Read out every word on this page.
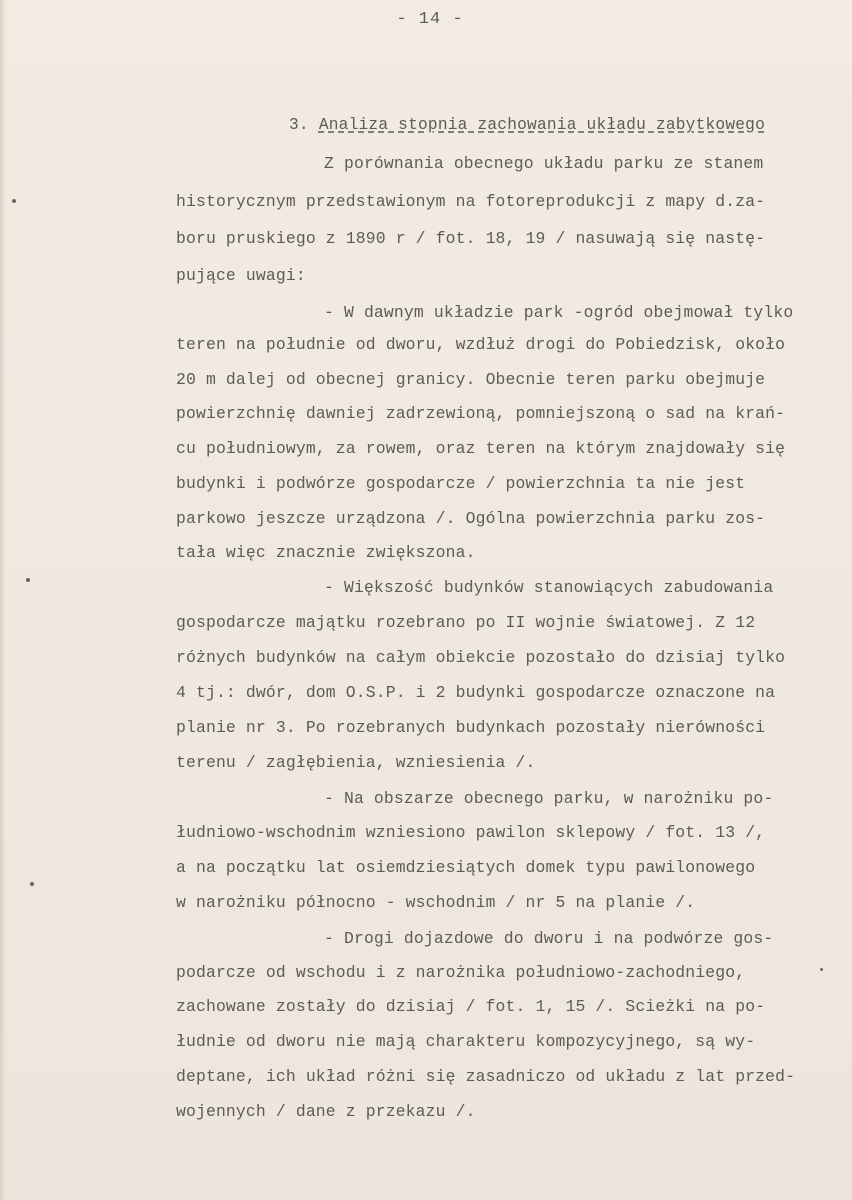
- 14 -
3. Analiza stopnia zachowania układu zabytkowego
Z porównania obecnego układu parku ze stanem
historycznym przedstawionym na fotoreprodukcji z mapy d.za-
boru pruskiego z 1890 r / fot. 18, 19 / nasuwają się nastę-
pujące uwagi:
- W dawnym układzie park -ogród obejmował tylko
teren na południe od dworu, wzdłuż drogi do Pobiedzisk, około
20 m dalej od obecnej granicy. Obecnie teren parku obejmuje
powierzchnię dawniej zadrzewioną, pomniejszoną o sad na krań-
cu południowym, za rowem, oraz teren na którym znajdowały się
budynki i podwórze gospodarcze / powierzchnia ta nie jest
parkowo jeszcze urządzona /. Ogólna powierzchnia parku zos-
tała więc znacznie zwiększona.
- Większość budynków stanowiących zabudowania
gospodarcze majątku rozebrano po II wojnie światowej. Z 12
różnych budynków na całym obiekcie pozostało do dzisiaj tylko
4 tj.: dwór, dom O.S.P. i 2 budynki gospodarcze oznaczone na
planie nr 3. Po rozebranych budynkach pozostały nierówności
terenu / zagłębienia, wzniesienia /.
- Na obszarze obecnego parku, w narożniku po-
łudniowo-wschodnim wzniesiono pawilon sklepowy / fot. 13 /,
a na początku lat osiemdziesiątych domek typu pawilonowego
w narożniku północno - wschodnim / nr 5 na planie /.
- Drogi dojazdowe do dworu i na podwórze gos-
podarcze od wschodu i z narożnika południowo-zachodniego,
zachowane zostały do dzisiaj / fot. 1, 15 /. Scieżki na po-
łudnie od dworu nie mają charakteru kompozycyjnego, są wy-
deptane, ich układ różni się zasadniczo od układu z lat przed-
wojennych / dane z przekazu /.
